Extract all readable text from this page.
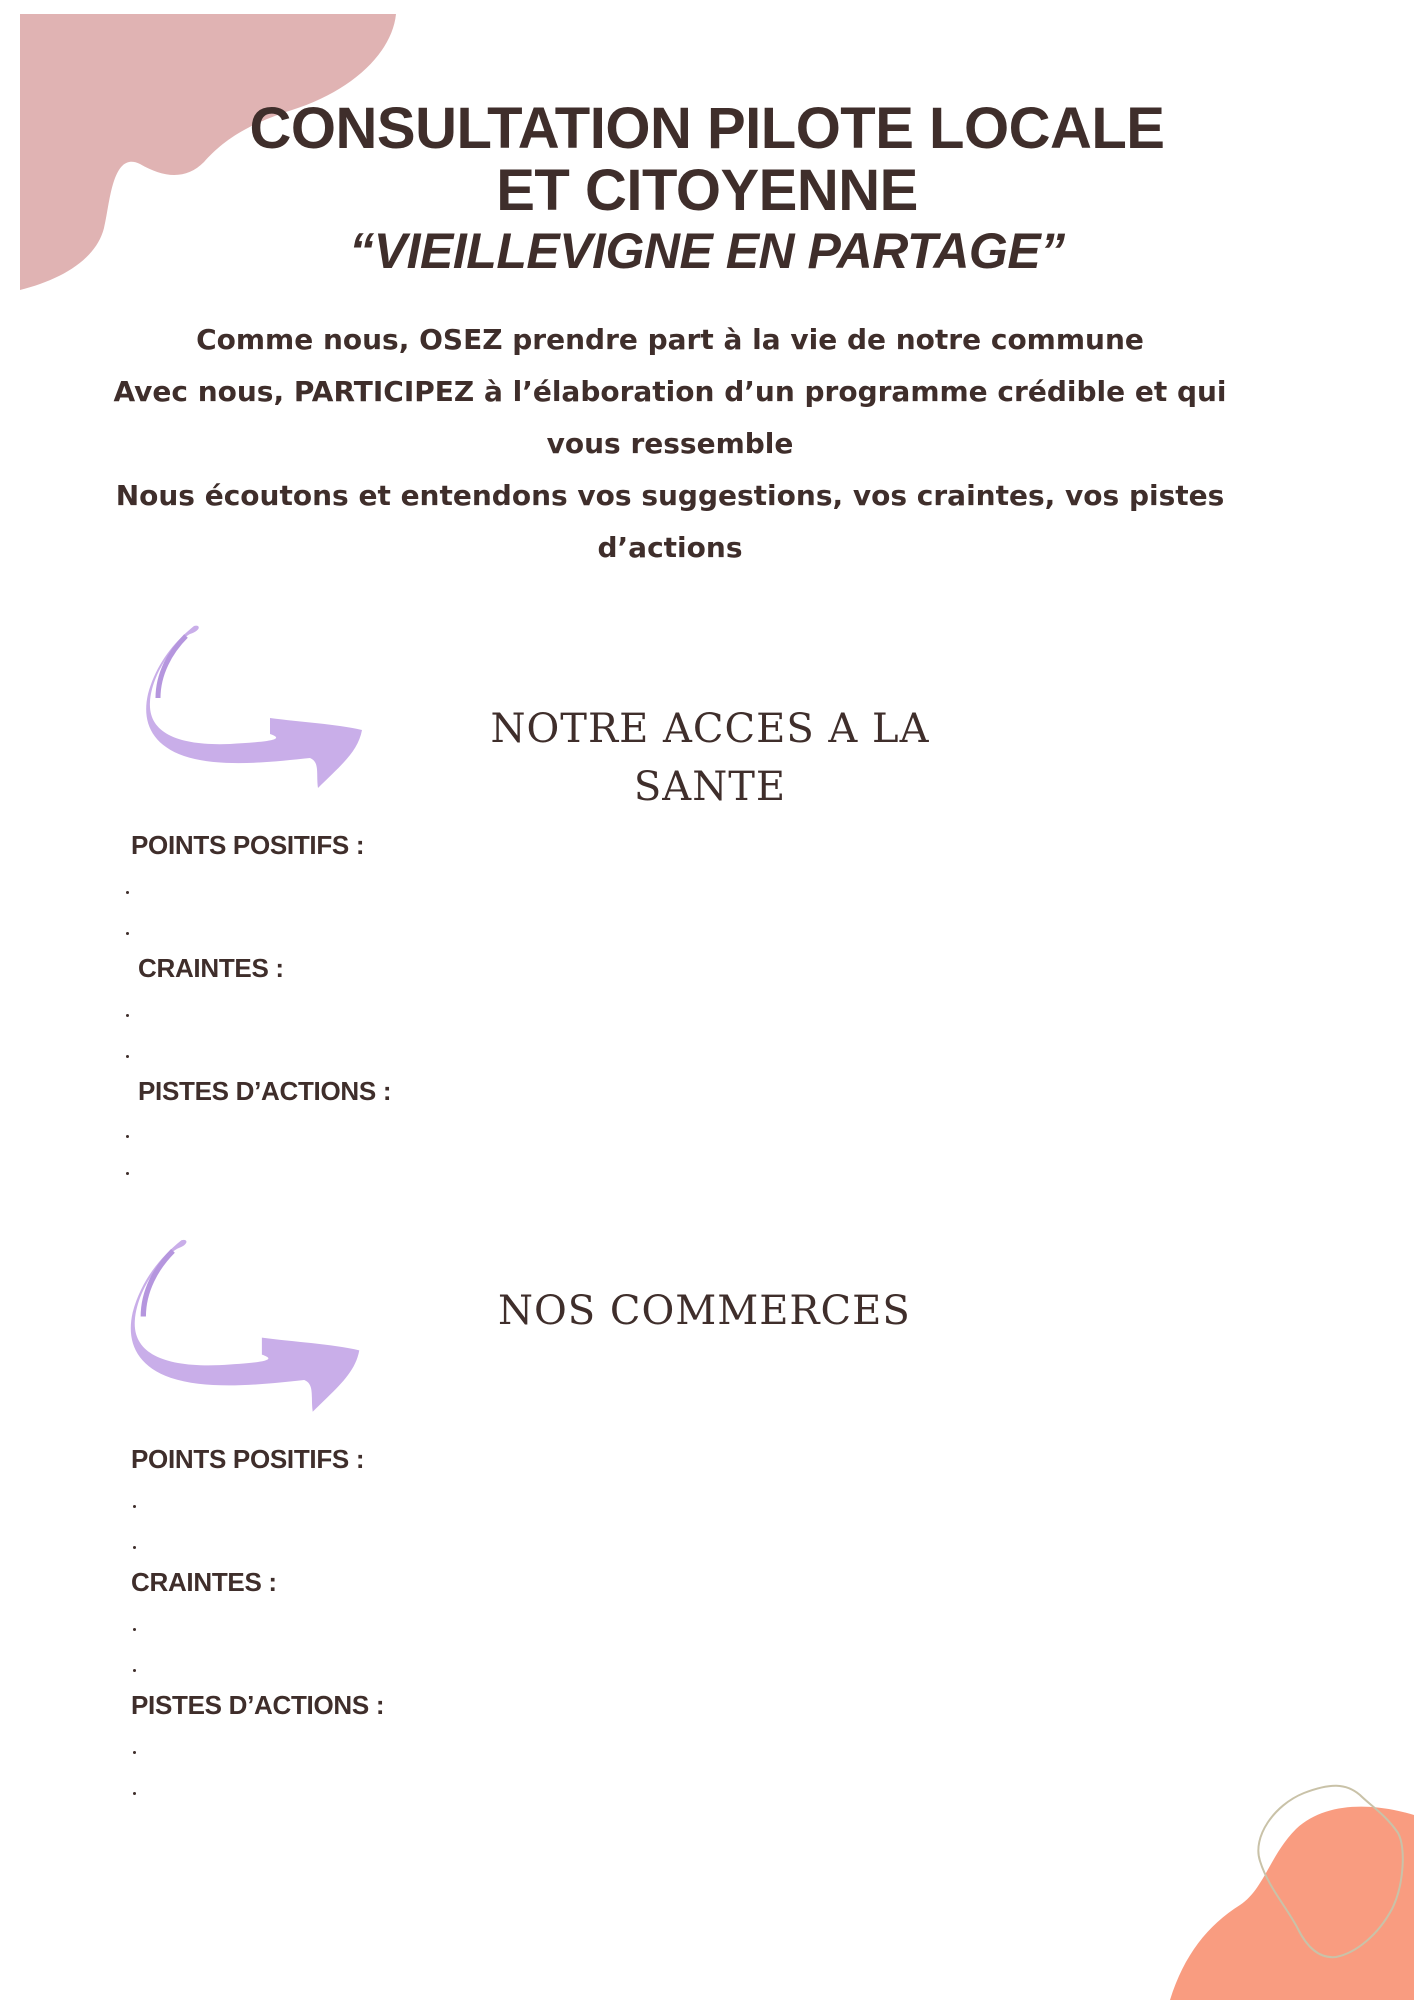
CONSULTATION PILOTE LOCALE
ET CITOYENNE
“VIEILLEVIGNE EN PARTAGE”

Comme nous, OSEZ prendre part à la vie de notre commune

Avec nous, PARTICIPEZ à l’élaboration d’un programme crédible et qui vous ressemble

Nous écoutons et entendons vos suggestions, vos craintes, vos pistes d’actions

NOTRE ACCES A LA SANTE
POINTS POSITIFS :
CRAINTES :
PISTES D’ACTIONS :
NOS COMMERCES
POINTS POSITIFS :
CRAINTES :
PISTES D’ACTIONS :
